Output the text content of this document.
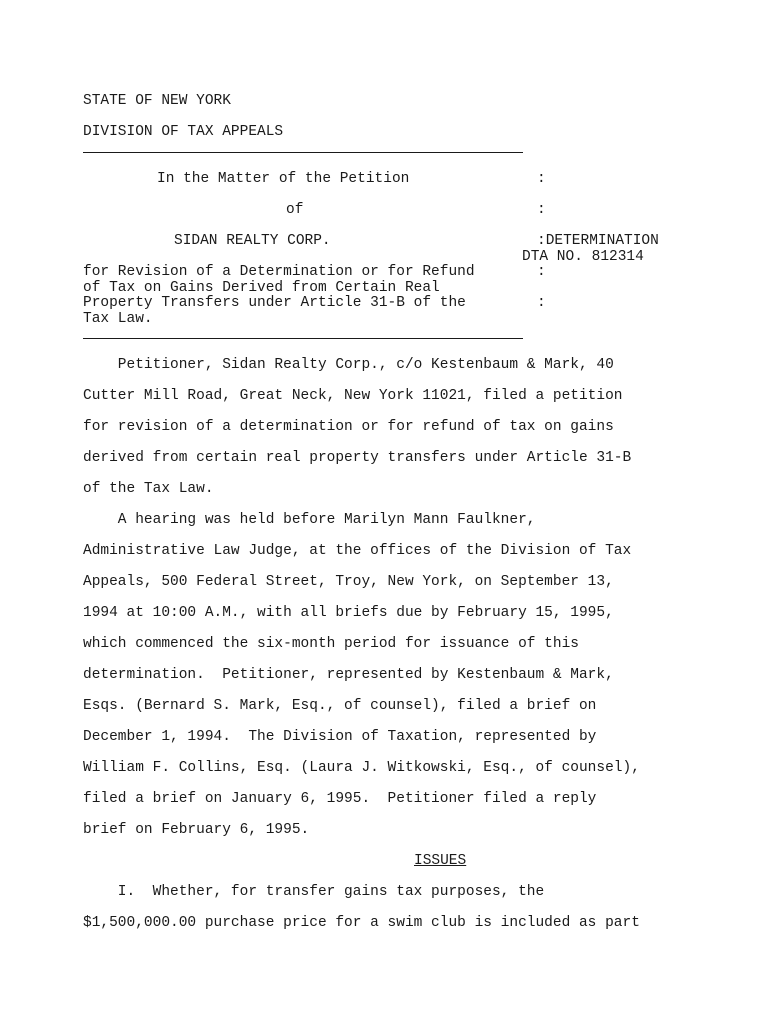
STATE OF NEW YORK
DIVISION OF TAX APPEALS
In the Matter of the Petition
of
SIDAN REALTY CORP.
for Revision of a Determination or for Refund
of Tax on Gains Derived from Certain Real
Property Transfers under Article 31-B of the
Tax Law.
:
:
:DETERMINATION
DTA NO. 812314
:
:
Petitioner, Sidan Realty Corp., c/o Kestenbaum & Mark, 40
Cutter Mill Road, Great Neck, New York 11021, filed a petition
for revision of a determination or for refund of tax on gains
derived from certain real property transfers under Article 31-B
of the Tax Law.
A hearing was held before Marilyn Mann Faulkner,
Administrative Law Judge, at the offices of the Division of Tax
Appeals, 500 Federal Street, Troy, New York, on September 13,
1994 at 10:00 A.M., with all briefs due by February 15, 1995,
which commenced the six-month period for issuance of this
determination.  Petitioner, represented by Kestenbaum & Mark,
Esqs. (Bernard S. Mark, Esq., of counsel), filed a brief on
December 1, 1994.  The Division of Taxation, represented by
William F. Collins, Esq. (Laura J. Witkowski, Esq., of counsel),
filed a brief on January 6, 1995.  Petitioner filed a reply
brief on February 6, 1995.
ISSUES
I.  Whether, for transfer gains tax purposes, the
$1,500,000.00 purchase price for a swim club is included as part
